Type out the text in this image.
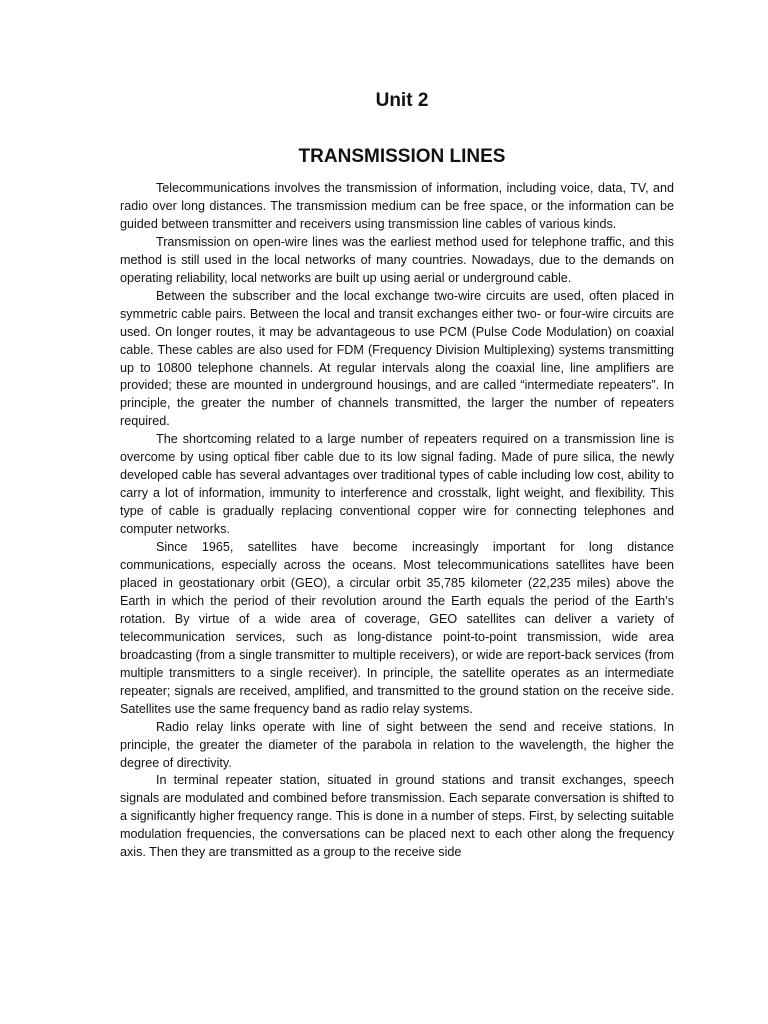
Unit 2
TRANSMISSION LINES

Telecommunications involves the transmission of information, including voice, data, TV, and radio over long distances. The transmission medium can be free space, or the information can be guided between transmitter and receivers using transmission line cables of various kinds.

Transmission on open-wire lines was the earliest method used for telephone traffic, and this method is still used in the local networks of many countries. Nowadays, due to the demands on operating reliability, local networks are built up using aerial or underground cable.

Between the subscriber and the local exchange two-wire circuits are used, often placed in symmetric cable pairs. Between the local and transit exchanges either two- or four-wire circuits are used. On longer routes, it may be advantageous to use PCM (Pulse Code Modulation) on coaxial cable. These cables are also used for FDM (Frequency Division Multiplexing) systems transmitting up to 10800 telephone channels. At regular intervals along the coaxial line, line amplifiers are provided; these are mounted in underground housings, and are called “intermediate repeaters”. In principle, the greater the number of channels transmitted, the larger the number of repeaters required.

The shortcoming related to a large number of repeaters required on a transmission line is overcome by using optical fiber cable due to its low signal fading. Made of pure silica, the newly developed cable has several advantages over traditional types of cable including low cost, ability to carry a lot of information, immunity to interference and crosstalk, light weight, and flexibility. This type of cable is gradually replacing conventional copper wire for connecting telephones and computer networks.

Since 1965, satellites have become increasingly important for long distance communications, especially across the oceans. Most telecommunications satellites have been placed in geostationary orbit (GEO), a circular orbit 35,785 kilometer (22,235 miles) above the Earth in which the period of their revolution around the Earth equals the period of the Earth’s rotation. By virtue of a wide area of coverage, GEO satellites can deliver a variety of telecommunication services, such as long-distance point-to-point transmission, wide area broadcasting (from a single transmitter to multiple receivers), or wide are report-back services (from multiple transmitters to a single receiver). In principle, the satellite operates as an intermediate repeater; signals are received, amplified, and transmitted to the ground station on the receive side. Satellites use the same frequency band as radio relay systems.

Radio relay links operate with line of sight between the send and receive stations. In principle, the greater the diameter of the parabola in relation to the wavelength, the higher the degree of directivity.

In terminal repeater station, situated in ground stations and transit exchanges, speech signals are modulated and combined before transmission. Each separate conversation is shifted to a significantly higher frequency range. This is done in a number of steps. First, by selecting suitable modulation frequencies, the conversations can be placed next to each other along the frequency axis. Then they are transmitted as a group to the receive side
